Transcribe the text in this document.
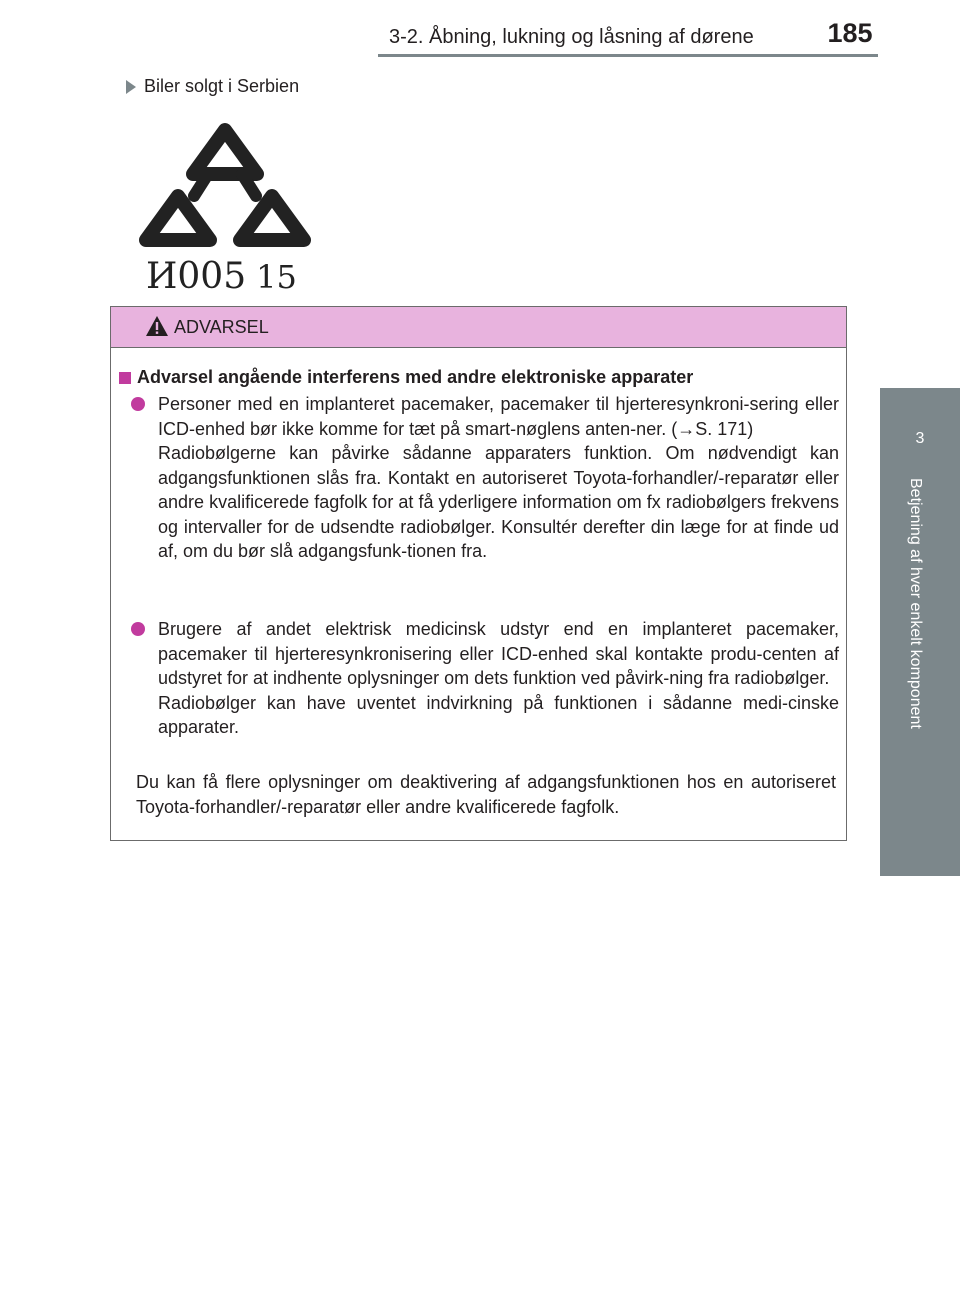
185
3-2. Åbning, lukning og låsning af dørene
3
Betjening af hver enkelt komponent
Biler solgt i Serbien
И005 15
ADVARSEL
Advarsel angående interferens med andre elektroniske apparater

Personer med en implanteret pacemaker, pacemaker til hjerteresynkroni-sering eller ICD-enhed bør ikke komme for tæt på smart-nøglens anten-ner. (→S. 171)

Radiobølgerne kan påvirke sådanne apparaters funktion. Om nødvendigt kan adgangsfunktionen slås fra. Kontakt en autoriseret Toyota-forhandler/-reparatør eller andre kvalificerede fagfolk for at få yderligere information om fx radiobølgers frekvens og intervaller for de udsendte radiobølger. Konsultér derefter din læge for at finde ud af, om du bør slå adgangsfunk-tionen fra.

Brugere af andet elektrisk medicinsk udstyr end en implanteret pacemaker, pacemaker til hjerteresynkronisering eller ICD-enhed skal kontakte produ-centen af udstyret for at indhente oplysninger om dets funktion ved påvirk-ning fra radiobølger.

Radiobølger kan have uventet indvirkning på funktionen i sådanne medi-cinske apparater.

Du kan få flere oplysninger om deaktivering af adgangsfunktionen hos en autoriseret Toyota-forhandler/-reparatør eller andre kvalificerede fagfolk.
